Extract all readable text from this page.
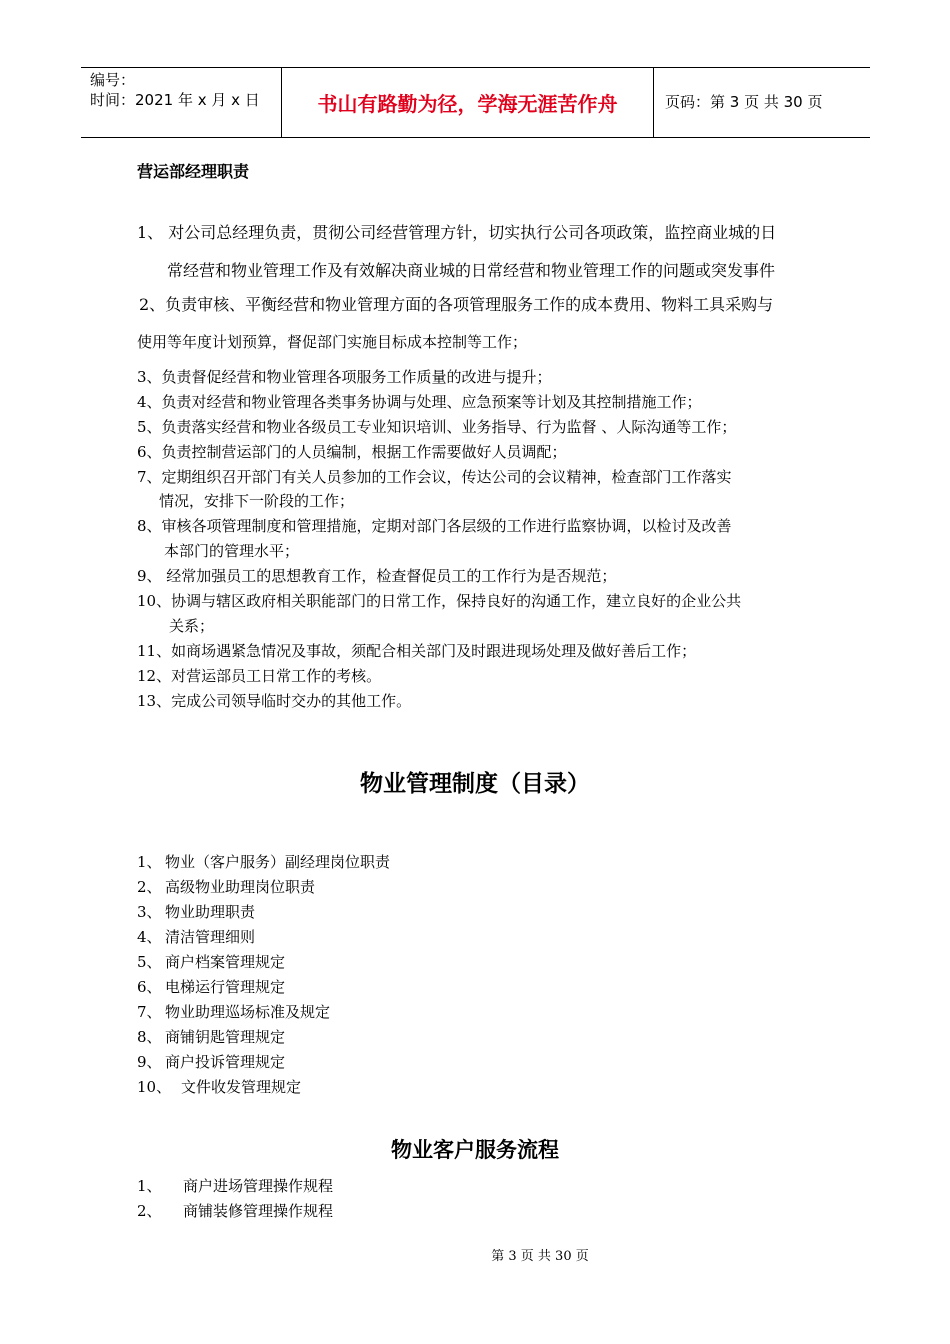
编号：
时间：2021 年 x 月 x 日	书山有路勤为径，学海无涯苦作舟	页码：第 3 页 共 30 页
营运部经理职责
1、 对公司总经理负责，贯彻公司经营管理方针，切实执行公司各项政策，监控商业城的日
常经营和物业管理工作及有效解决商业城的日常经营和物业管理工作的问题或突发事件
2、负责审核、平衡经营和物业管理方面的各项管理服务工作的成本费用、物料工具采购与
使用等年度计划预算，督促部门实施目标成本控制等工作；
3、负责督促经营和物业管理各项服务工作质量的改进与提升；
4、负责对经营和物业管理各类事务协调与处理、应急预案等计划及其控制措施工作；
5、负责落实经营和物业各级员工专业知识培训、业务指导、行为监督 、人际沟通等工作；
6、负责控制营运部门的人员编制，根据工作需要做好人员调配；
7、定期组织召开部门有关人员参加的工作会议，传达公司的会议精神，检查部门工作落实
情况，安排下一阶段的工作；
8、审核各项管理制度和管理措施，定期对部门各层级的工作进行监察协调，以检讨及改善
本部门的管理水平；
9、 经常加强员工的思想教育工作，检查督促员工的工作行为是否规范；
10、协调与辖区政府相关职能部门的日常工作，保持良好的沟通工作，建立良好的企业公共
关系；
11、如商场遇紧急情况及事故，须配合相关部门及时跟进现场处理及做好善后工作；
12、对营运部员工日常工作的考核。
13、完成公司领导临时交办的其他工作。
物业管理制度（目录）
1、 物业（客户服务）副经理岗位职责
2、 高级物业助理岗位职责
3、 物业助理职责
4、 清洁管理细则
5、 商户档案管理规定
6、 电梯运行管理规定
7、 物业助理巡场标准及规定
8、 商铺钥匙管理规定
9、 商户投诉管理规定
10、 文件收发管理规定
物业客户服务流程
1、 商户进场管理操作规程
2、 商铺装修管理操作规程
第 3 页 共 30 页
